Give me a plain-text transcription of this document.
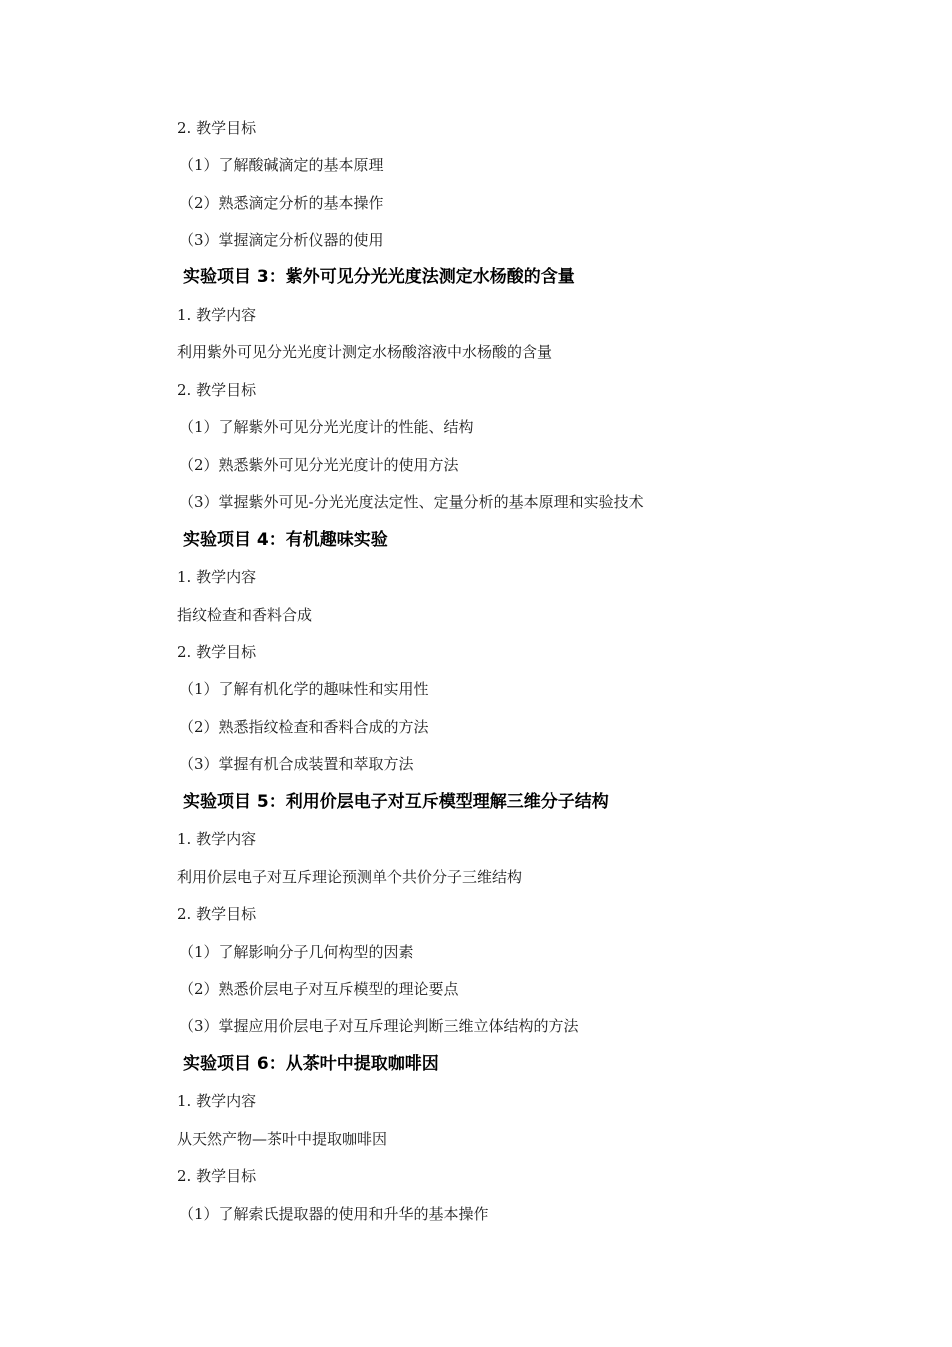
2. 教学目标
（1）了解酸碱滴定的基本原理
（2）熟悉滴定分析的基本操作
（3）掌握滴定分析仪器的使用
实验项目 3：紫外可见分光光度法测定水杨酸的含量
1. 教学内容
利用紫外可见分光光度计测定水杨酸溶液中水杨酸的含量
2. 教学目标
（1）了解紫外可见分光光度计的性能、结构
（2）熟悉紫外可见分光光度计的使用方法
（3）掌握紫外可见-分光光度法定性、定量分析的基本原理和实验技术
实验项目 4：有机趣味实验
1. 教学内容
指纹检查和香料合成
2. 教学目标
（1）了解有机化学的趣味性和实用性
（2）熟悉指纹检查和香料合成的方法
（3）掌握有机合成装置和萃取方法
实验项目 5：利用价层电子对互斥模型理解三维分子结构
1. 教学内容
利用价层电子对互斥理论预测单个共价分子三维结构
2. 教学目标
（1）了解影响分子几何构型的因素
（2）熟悉价层电子对互斥模型的理论要点
（3）掌握应用价层电子对互斥理论判断三维立体结构的方法
实验项目 6：从茶叶中提取咖啡因
1. 教学内容
从天然产物—茶叶中提取咖啡因
2. 教学目标
（1）了解索氏提取器的使用和升华的基本操作
